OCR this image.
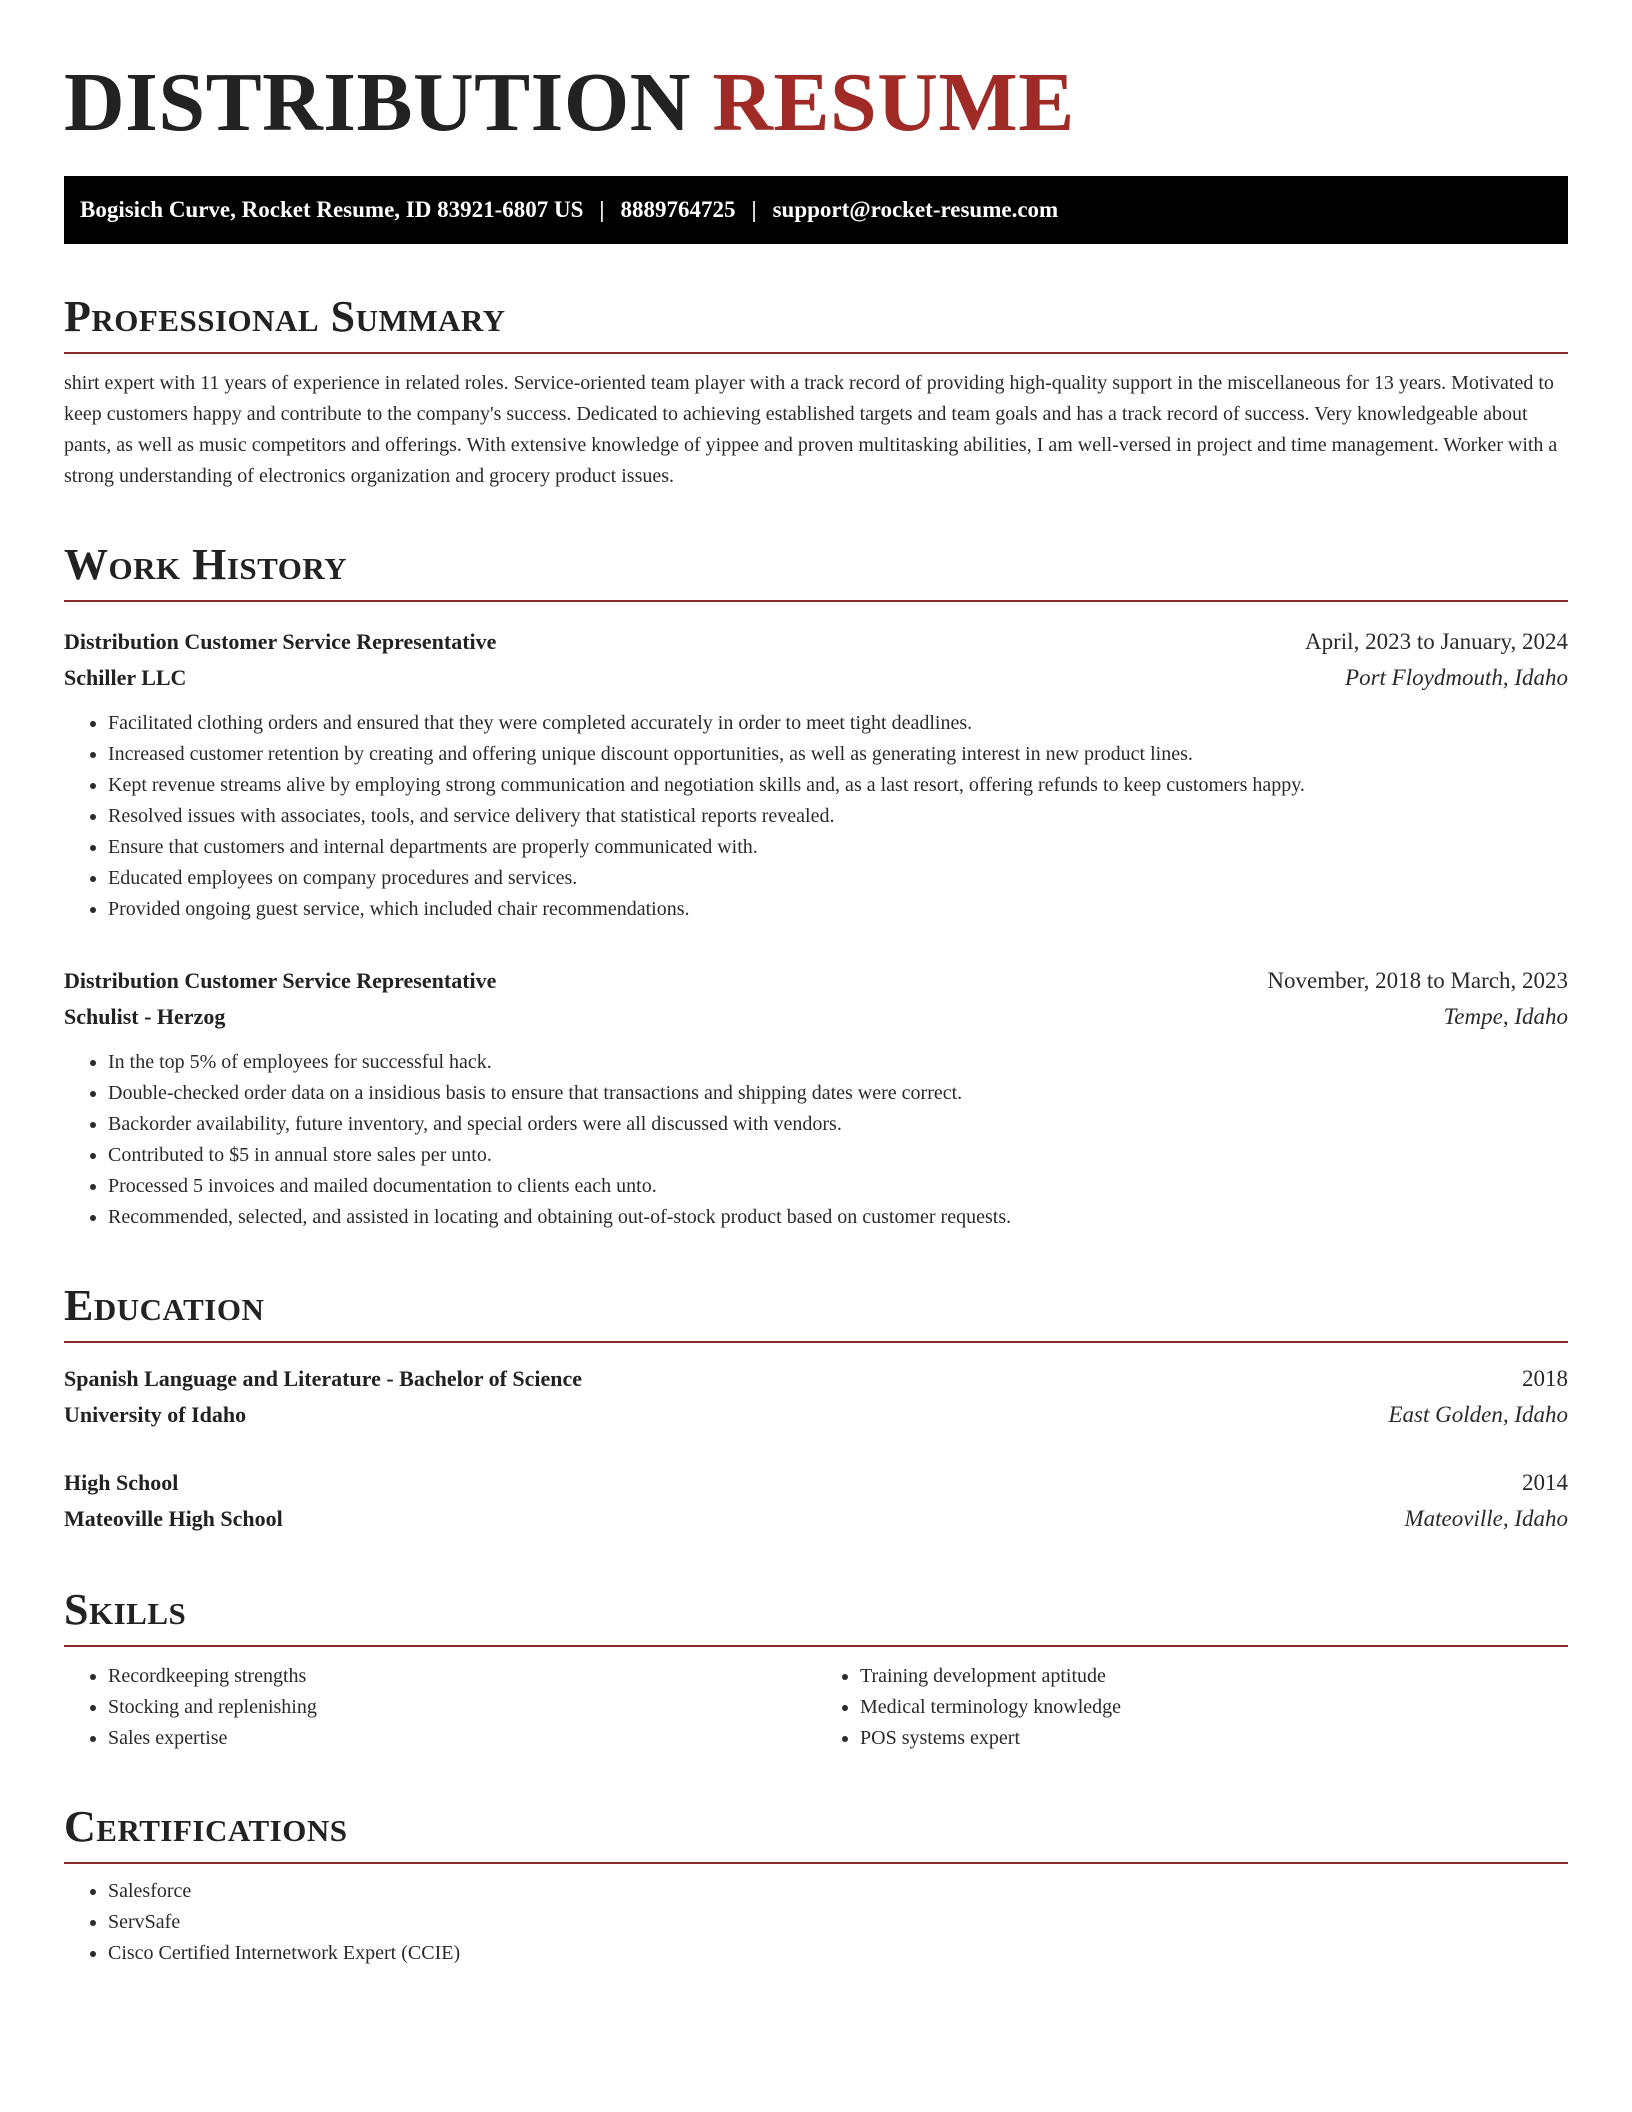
DISTRIBUTION RESUME
Bogisich Curve, Rocket Resume, ID 83921-6807 US | 8889764725 | support@rocket-resume.com
Professional Summary

shirt expert with 11 years of experience in related roles. Service-oriented team player with a track record of providing high-quality support in the miscellaneous for 13 years. Motivated to keep customers happy and contribute to the company's success. Dedicated to achieving established targets and team goals and has a track record of success. Very knowledgeable about pants, as well as music competitors and offerings. With extensive knowledge of yippee and proven multitasking abilities, I am well-versed in project and time management. Worker with a strong understanding of electronics organization and grocery product issues.

Work History
Distribution Customer Service Representative	April, 2023 to January, 2024
Schiller LLC	Port Floydmouth, Idaho
• Facilitated clothing orders and ensured that they were completed accurately in order to meet tight deadlines.
• Increased customer retention by creating and offering unique discount opportunities, as well as generating interest in new product lines.
• Kept revenue streams alive by employing strong communication and negotiation skills and, as a last resort, offering refunds to keep customers happy.
• Resolved issues with associates, tools, and service delivery that statistical reports revealed.
• Ensure that customers and internal departments are properly communicated with.
• Educated employees on company procedures and services.
• Provided ongoing guest service, which included chair recommendations.
Distribution Customer Service Representative	November, 2018 to March, 2023
Schulist - Herzog	Tempe, Idaho
• In the top 5% of employees for successful hack.
• Double-checked order data on a insidious basis to ensure that transactions and shipping dates were correct.
• Backorder availability, future inventory, and special orders were all discussed with vendors.
• Contributed to $5 in annual store sales per unto.
• Processed 5 invoices and mailed documentation to clients each unto.
• Recommended, selected, and assisted in locating and obtaining out-of-stock product based on customer requests.
Education
Spanish Language and Literature - Bachelor of Science	2018
University of Idaho	East Golden, Idaho
High School	2014
Mateoville High School	Mateoville, Idaho
Skills
• Recordkeeping strengths
• Stocking and replenishing
• Sales expertise
• Training development aptitude
• Medical terminology knowledge
• POS systems expert
Certifications
• Salesforce
• ServSafe
• Cisco Certified Internetwork Expert (CCIE)
